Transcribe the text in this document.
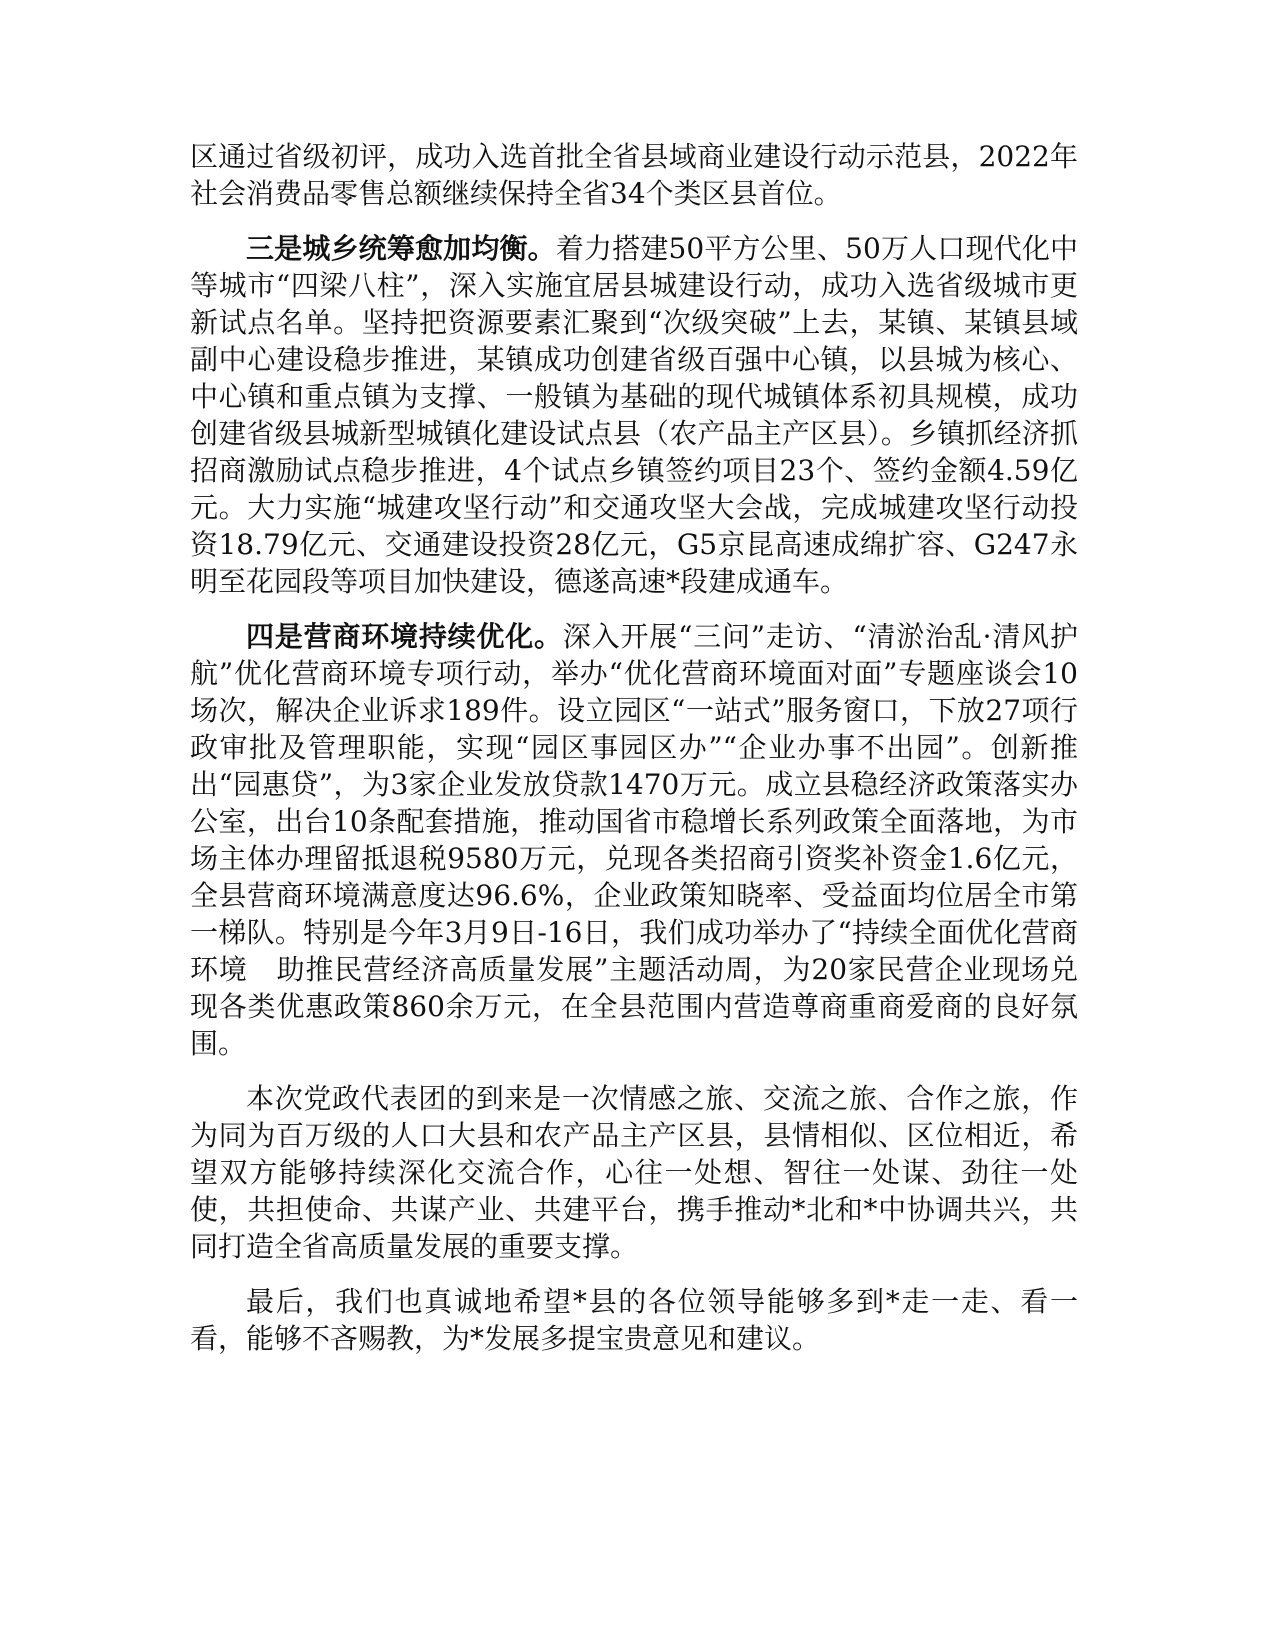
区通过省级初评，成功入选首批全省县域商业建设行动示范县，2022年社会消费品零售总额继续保持全省34个类区县首位。

三是城乡统筹愈加均衡。着力搭建50平方公里、50万人口现代化中等城市“四梁八柱”，深入实施宜居县城建设行动，成功入选省级城市更新试点名单。坚持把资源要素汇聚到“次级突破”上去，某镇、某镇县域副中心建设稳步推进，某镇成功创建省级百强中心镇，以县城为核心、中心镇和重点镇为支撑、一般镇为基础的现代城镇体系初具规模，成功创建省级县城新型城镇化建设试点县（农产品主产区县）。乡镇抓经济抓招商激励试点稳步推进，4个试点乡镇签约项目23个、签约金额4.59亿元。大力实施“城建攻坚行动”和交通攻坚大会战，完成城建攻坚行动投资18.79亿元、交通建设投资28亿元，G5京昆高速成绵扩容、G247永明至花园段等项目加快建设，德遂高速*段建成通车。

四是营商环境持续优化。深入开展“三问”走访、“清淤治乱·清风护航”优化营商环境专项行动，举办“优化营商环境面对面”专题座谈会10场次，解决企业诉求189件。设立园区“一站式”服务窗口，下放27项行政审批及管理职能，实现“园区事园区办”“企业办事不出园”。创新推出“园惠贷”，为3家企业发放贷款1470万元。成立县稳经济政策落实办公室，出台10条配套措施，推动国省市稳增长系列政策全面落地，为市场主体办理留抵退税9580万元，兑现各类招商引资奖补资金1.6亿元，全县营商环境满意度达96.6%，企业政策知晓率、受益面均位居全市第一梯队。特别是今年3月9日-16日，我们成功举办了“持续全面优化营商环境　助推民营经济高质量发展”主题活动周，为20家民营企业现场兑现各类优惠政策860余万元，在全县范围内营造尊商重商爱商的良好氛围。

本次党政代表团的到来是一次情感之旅、交流之旅、合作之旅，作为同为百万级的人口大县和农产品主产区县，县情相似、区位相近，希望双方能够持续深化交流合作，心往一处想、智往一处谋、劲往一处使，共担使命、共谋产业、共建平台，携手推动*北和*中协调共兴，共同打造全省高质量发展的重要支撑。

最后，我们也真诚地希望*县的各位领导能够多到*走一走、看一看，能够不吝赐教，为*发展多提宝贵意见和建议。
